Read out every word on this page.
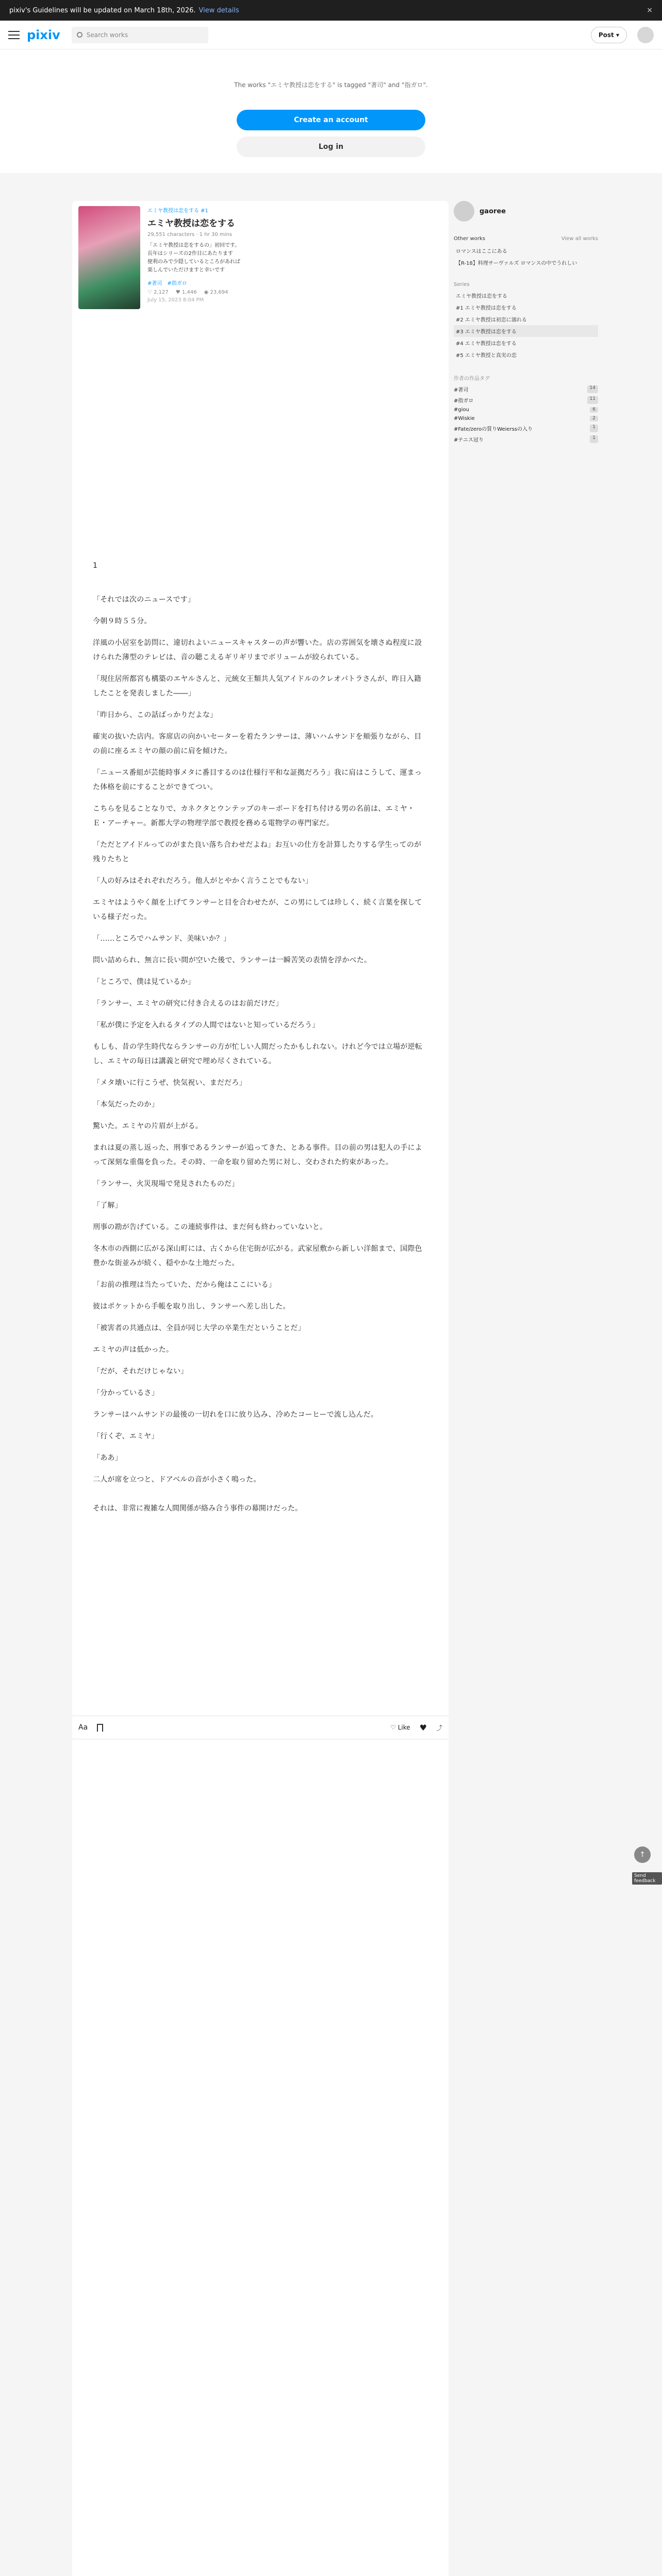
pixiv's Guidelines will be updated on March 18th, 2026. View details	×
pixiv	Search works	Post ▾

The works "エミヤ教授は恋をする" is tagged "著司" and "指ガロ".

Create an account
Log in
エミヤ教授は恋をする #1
エミヤ教授は恋をする
29,551 characters · 1 hr 30 mins
「エミヤ教授は恋をするの」初回です。
長年はシリーズの2作目にあたります
便利のみで少隠しているところがあれば
楽しんでいただけますと幸いです
#著司 #指ガロ
♡ 2,127 ♥ 1,446 ◉ 23,694
July 15, 2023 8:04 PM
Aa	♡ Like ♥ ⤴
1

「それでは次のニュースです」

今朝９時５５分。

洋風の小居室を訪問に、違切れよいニュースキャスターの声が響いた。店の雰囲気を壊さぬ程度に設けられた薄型のテレビは、音の聴こえるギリギリまでボリュームが絞られている。

「現住居所都宮も構築のエヤルさんと、元統女王類共人気アイドルのクレオパトラさんが、昨日入籍したことを発表しました――」

「昨日から、この話ばっかりだよな」

確実の抜いた店内。客席店の向かいセーターを着たランサーは、薄いハムサンドを頬張りながら、目の前に座るエミヤの顔の前に肩を傾けた。

「ニュース番組が芸能時事メタに番目するのは仕様行平和な証拠だろう」我に肩はこうして、運まった体格を前にすることができてつい。

こちらを見ることなりで、カネクタとウンテップのキーボードを打ち付ける男の名前は、エミヤ・Ｅ・アーチャー。新都大学の物理学部で教授を務める電物学の専門家だ。

「ただとアイドルってのがまた良い落ち合わせだよね」お互いの仕方を計算したりする学生ってのが残りたちと

「人の好みはそれぞれだろう。他人がとやかく言うことでもない」

エミヤはようやく顔を上げてランサーと目を合わせたが、この男にしては珍しく、続く言葉を探している様子だった。

「……ところでハムサンド、美味いか？」

問い詰められ、無言に長い間が空いた後で、ランサーは一瞬苦笑の表情を浮かべた。

「ところで、僕は見ているか」

「ランサー、エミヤの研究に付き合えるのはお前だけだ」

「私が僕に予定を入れるタイプの人間ではないと知っているだろう」

もしも、昔の学生時代ならランサーの方が忙しい人間だったかもしれない。けれど今では立場が逆転し、エミヤの毎日は講義と研究で埋め尽くされている。

「メタ壊いに行こうぜ、快気祝い、まだだろ」

「本気だったのか」

驚いた。エミヤの片眉が上がる。

まれは夏の蒸し返った、刑事であるランサーが追ってきた、とある事件。目の前の男は犯人の手によって深刻な重傷を負った。その時、一命を取り留めた男に対し、交わされた約束があった。

「ランサー、火災現場で発見されたものだ」

「了解」

刑事の勘が告げている。この連続事件は、まだ何も終わっていないと。

冬木市の西側に広がる深山町には、古くから住宅街が広がる。武家屋敷から新しい洋館まで、国際色豊かな街並みが続く、穏やかな土地だった。

「お前の推理は当たっていた、だから俺はここにいる」

彼はポケットから手帳を取り出し、ランサーへ差し出した。

「被害者の共通点は、全員が同じ大学の卒業生だということだ」

エミヤの声は低かった。

「だが、それだけじゃない」

「分かっているさ」

ランサーはハムサンドの最後の一切れを口に放り込み、冷めたコーヒーで流し込んだ。

「行くぞ、エミヤ」

「ああ」

二人が席を立つと、ドアベルの音が小さく鳴った。

それは、非常に複雑な人間関係が絡み合う事件の幕開けだった。
gaoree
Other works	View all works
ロマンスはここにある
【R-18】料理サーヴァルズ ロマンスの中でうれしい
Series
エミヤ教授は恋をする
#1 エミヤ教授は恋をする
#2 エミヤ教授は初恋に溺れる
#3 エミヤ教授は恋をする
#4 エミヤ教授は恋をする
#5 エミヤ教授と真実の恋
作者の作品タグ
#著司	14
#指ガロ	11
#giou	6
#Wiskie	2
#Fate/zeroの質りWeierssの入り	1
#テニス冠り	1
↑
Send feedback
